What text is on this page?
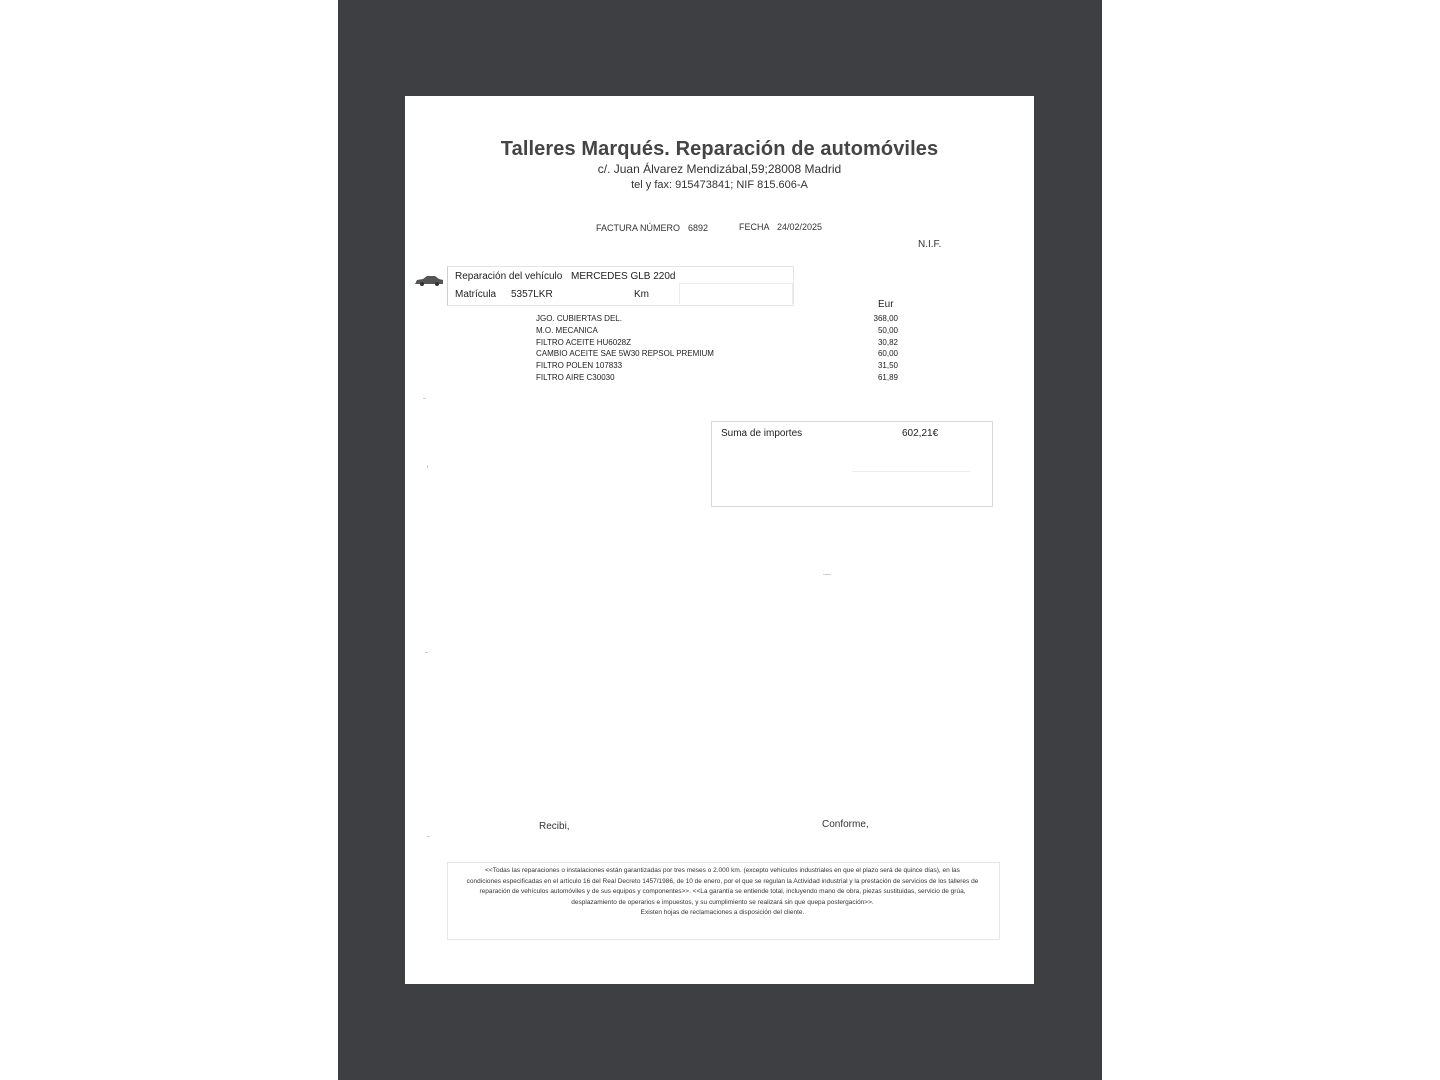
Talleres Marqués. Reparación de automóviles
c/. Juan Álvarez Mendizábal,59;28008 Madrid
tel y fax: 915473841; NIF 815.606-A
FACTURA NÚMERO 6892	FECHA 24/02/2025
N.I.F.
Reparación del vehículo MERCEDES GLB 220d
Matrícula 5357LKR	Km
Eur
JGO. CUBIERTAS DEL.	368,00
M.O. MECANICA	50,00
FILTRO ACEITE HU6028Z	30,82
CAMBIO ACEITE SAE 5W30 REPSOL PREMIUM	60,00
FILTRO POLEN 107833	31,50
FILTRO AIRE C30030	61,89
Suma de importes	602,21€
Recibi,	Conforme,

<<Todas las reparaciones o instalaciones están garantizadas por tres meses o 2.000 km. (excepto vehículos industriales en que el plazo será de quince días), en las

condiciones especificadas en el artículo 16 del Real Decreto 1457/1986, de 10 de enero, por el que se regulan la Actividad industrial y la prestación de servicios de los talleres de

reparación de vehículos automóviles y de sus equipos y componentes>>. <<La garantía se entiende total, incluyendo mano de obra, piezas sustituidas, servicio de grúa,

desplazamiento de operarios e impuestos, y su cumplimiento se realizará sin que quepa postergación>>.

Existen hojas de reclamaciones a disposición del cliente.
